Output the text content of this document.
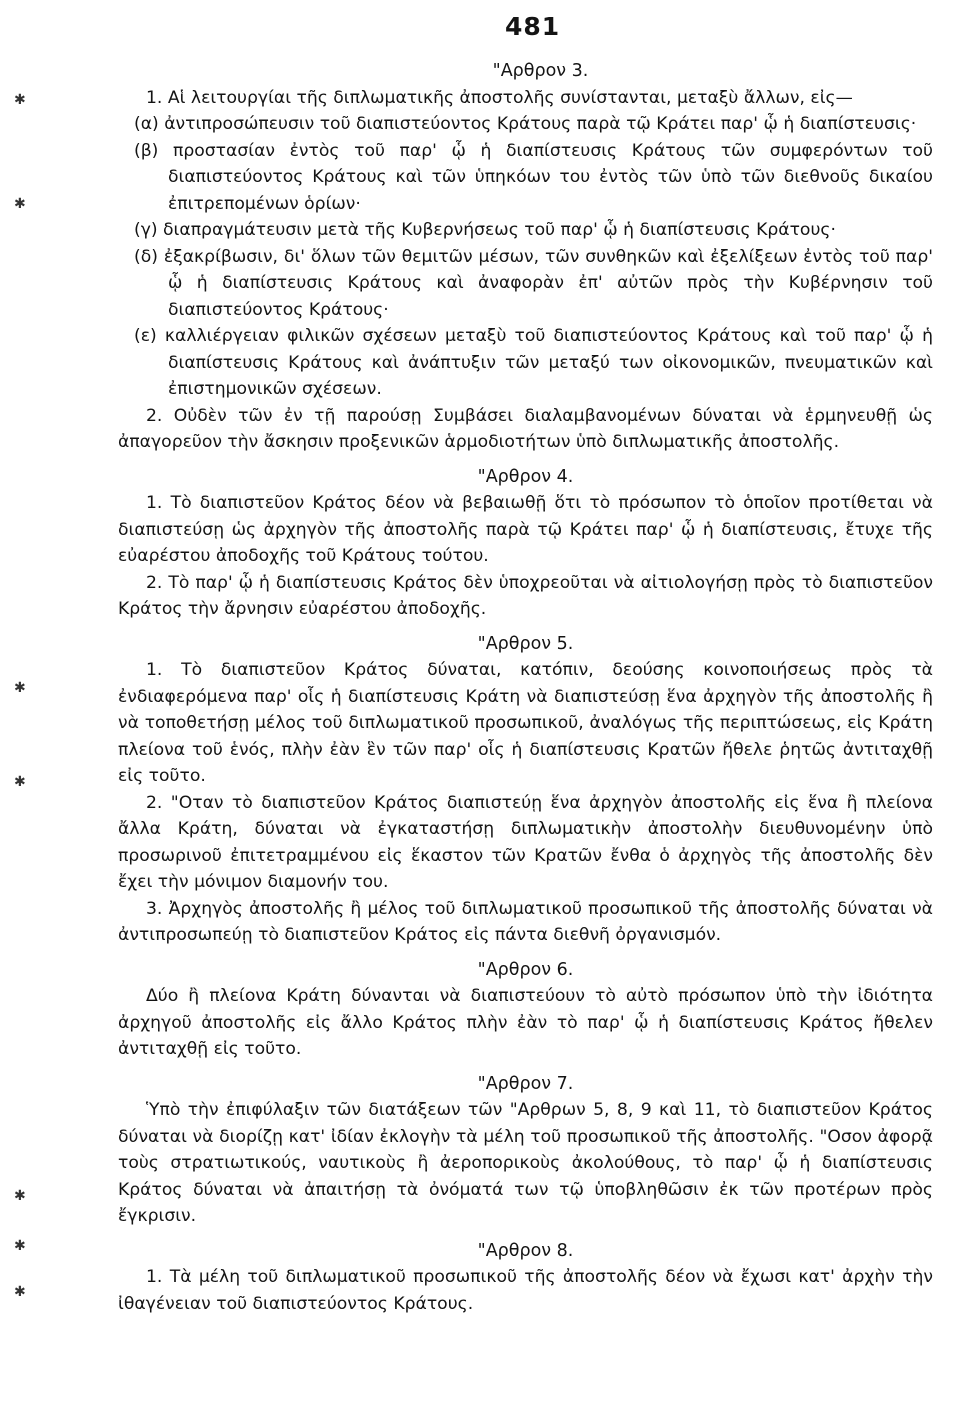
481
✱
✱
✱
✱
✱
✱
✱

"Αρθρον 3.

1. Αἱ λειτουργίαι τῆς διπλωματικῆς ἀποστολῆς συνίστανται, μεταξὺ ἄλλων, εἰς—

(α) ἀντιπροσώπευσιν τοῦ διαπιστεύοντος Κράτους παρὰ τῷ Κράτει παρ' ᾧ ἡ διαπίστευσις·

(β) προστασίαν ἐντὸς τοῦ παρ' ᾧ ἡ διαπίστευσις Κράτους τῶν συμφερόντων τοῦ διαπιστεύοντος Κράτους καὶ τῶν ὑπηκόων του ἐντὸς τῶν ὑπὸ τῶν διεθνοῦς δικαίου ἐπιτρεπομένων ὁρίων·

(γ) διαπραγμάτευσιν μετὰ τῆς Κυβερνήσεως τοῦ παρ' ᾧ ἡ διαπίστευσις Κράτους·

(δ) ἐξακρίβωσιν, δι' ὅλων τῶν θεμιτῶν μέσων, τῶν συνθηκῶν καὶ ἐξελίξεων ἐντὸς τοῦ παρ' ᾧ ἡ διαπίστευσις Κράτους καὶ ἀναφορὰν ἐπ' αὐτῶν πρὸς τὴν Κυβέρνησιν τοῦ διαπιστεύοντος Κράτους·

(ε) καλλιέργειαν φιλικῶν σχέσεων μεταξὺ τοῦ διαπιστεύοντος Κράτους καὶ τοῦ παρ' ᾧ ἡ διαπίστευσις Κράτους καὶ ἀνάπτυξιν τῶν μεταξύ των οἰκονομικῶν, πνευματικῶν καὶ ἐπιστημονικῶν σχέσεων.

2. Οὐδὲν τῶν ἐν τῇ παρούσῃ Συμβάσει διαλαμβανομένων δύναται νὰ ἑρμηνευθῇ ὡς ἀπαγορεῦον τὴν ἄσκησιν προξενικῶν ἁρμοδιοτήτων ὑπὸ διπλωματικῆς ἀποστολῆς.

"Αρθρον 4.

1. Τὸ διαπιστεῦον Κράτος δέον νὰ βεβαιωθῇ ὅτι τὸ πρόσωπον τὸ ὁποῖον προτίθεται νὰ διαπιστεύσῃ ὡς ἀρχηγὸν τῆς ἀποστολῆς παρὰ τῷ Κράτει παρ' ᾧ ἡ διαπίστευσις, ἔτυχε τῆς εὐαρέστου ἀποδοχῆς τοῦ Κράτους τούτου.

2. Τὸ παρ' ᾧ ἡ διαπίστευσις Κράτος δὲν ὑποχρεοῦται νὰ αἰτιολογήσῃ πρὸς τὸ διαπιστεῦον Κράτος τὴν ἄρνησιν εὐαρέστου ἀποδοχῆς.

"Αρθρον 5.

1. Τὸ διαπιστεῦον Κράτος δύναται, κατόπιν, δεούσης κοινοποιήσεως πρὸς τὰ ἐνδιαφερόμενα παρ' οἷς ἡ διαπίστευσις Κράτη νὰ διαπιστεύσῃ ἕνα ἀρχηγὸν τῆς ἀποστολῆς ἢ νὰ τοποθετήσῃ μέλος τοῦ διπλωματικοῦ προσωπικοῦ, ἀναλόγως τῆς περιπτώσεως, εἰς Κράτη πλείονα τοῦ ἑνός, πλὴν ἐὰν ἓν τῶν παρ' οἷς ἡ διαπίστευσις Κρατῶν ἤθελε ῥητῶς ἀντιταχθῇ εἰς τοῦτο.

2. "Οταν τὸ διαπιστεῦον Κράτος διαπιστεύῃ ἕνα ἀρχηγὸν ἀποστολῆς εἰς ἕνα ἢ πλείονα ἄλλα Κράτη, δύναται νὰ ἐγκαταστήσῃ διπλωματικὴν ἀποστολὴν διευθυνομένην ὑπὸ προσωρινοῦ ἐπιτετραμμένου εἰς ἕκαστον τῶν Κρατῶν ἔνθα ὁ ἀρχηγὸς τῆς ἀποστολῆς δὲν ἔχει τὴν μόνιμον διαμονήν του.

3. Ἀρχηγὸς ἀποστολῆς ἢ μέλος τοῦ διπλωματικοῦ προσωπικοῦ τῆς ἀποστολῆς δύναται νὰ ἀντιπροσωπεύῃ τὸ διαπιστεῦον Κράτος εἰς πάντα διεθνῆ ὀργανισμόν.

"Αρθρον 6.

Δύο ἢ πλείονα Κράτη δύνανται νὰ διαπιστεύουν τὸ αὐτὸ πρόσωπον ὑπὸ τὴν ἰδιότητα ἀρχηγοῦ ἀποστολῆς εἰς ἄλλο Κράτος πλὴν ἐὰν τὸ παρ' ᾧ ἡ διαπίστευσις Κράτος ἤθελεν ἀντιταχθῇ εἰς τοῦτο.

"Αρθρον 7.

Ὑπὸ τὴν ἐπιφύλαξιν τῶν διατάξεων τῶν "Αρθρων 5, 8, 9 καὶ 11, τὸ διαπιστεῦον Κράτος δύναται νὰ διορίζῃ κατ' ἰδίαν ἐκλογὴν τὰ μέλη τοῦ προσωπικοῦ τῆς ἀποστολῆς. "Οσον ἀφορᾷ τοὺς στρατιωτικούς, ναυτικοὺς ἢ ἀεροπορικοὺς ἀκολούθους, τὸ παρ' ᾧ ἡ διαπίστευσις Κράτος δύναται νὰ ἀπαιτήσῃ τὰ ὀνόματά των τῷ ὑποβληθῶσιν ἐκ τῶν προτέρων πρὸς ἔγκρισιν.

"Αρθρον 8.

1. Τὰ μέλη τοῦ διπλωματικοῦ προσωπικοῦ τῆς ἀποστολῆς δέον νὰ ἔχωσι κατ' ἀρχὴν τὴν ἰθαγένειαν τοῦ διαπιστεύοντος Κράτους.
